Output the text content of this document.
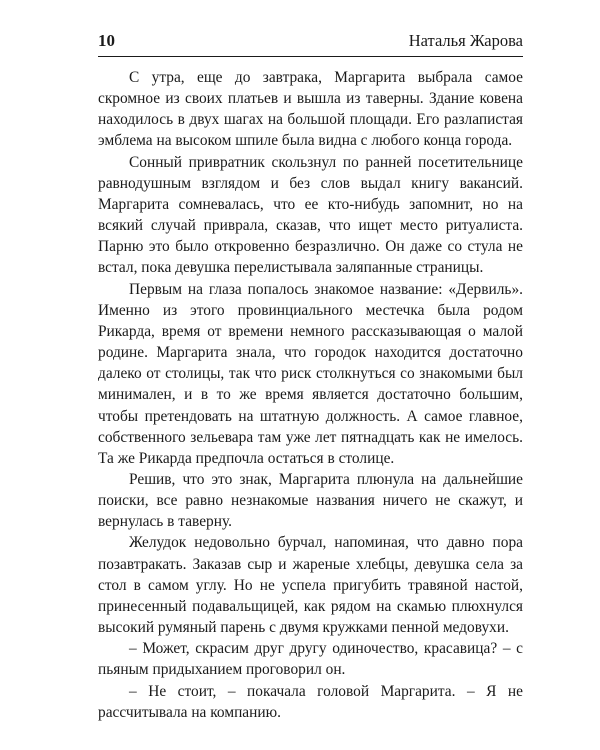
10	Наталья Жарова

С утра, еще до завтрака, Маргарита выбрала самое скромное из своих платьев и вышла из таверны. Здание ковена находилось в двух шагах на большой площади. Его разлапистая эмблема на высоком шпиле была видна с любого конца города.

Сонный привратник скользнул по ранней посетительнице равнодушным взглядом и без слов выдал книгу вакансий. Маргарита сомневалась, что ее кто-нибудь запомнит, но на всякий случай приврала, сказав, что ищет место ритуалиста. Парню это было откровенно безразлично. Он даже со стула не встал, пока девушка перелистывала заляпанные страницы.

Первым на глаза попалось знакомое название: «Дервиль». Именно из этого провинциального местечка была родом Рикарда, время от времени немного рассказывающая о малой родине. Маргарита знала, что городок находится достаточно далеко от столицы, так что риск столкнуться со знакомыми был минимален, и в то же время является достаточно большим, чтобы претендовать на штатную должность. А самое главное, собственного зельевара там уже лет пятнадцать как не имелось. Та же Рикарда предпочла остаться в столице.

Решив, что это знак, Маргарита плюнула на дальнейшие поиски, все равно незнакомые названия ничего не скажут, и вернулась в таверну.

Желудок недовольно бурчал, напоминая, что давно пора позавтракать. Заказав сыр и жареные хлебцы, девушка села за стол в самом углу. Но не успела пригубить травяной настой, принесенный подавальщицей, как рядом на скамью плюхнулся высокий румяный парень с двумя кружками пенной медовухи.

– Может, скрасим друг другу одиночество, красавица? – с пьяным придыханием проговорил он.

– Не стоит, – покачала головой Маргарита. – Я не рассчитывала на компанию.
